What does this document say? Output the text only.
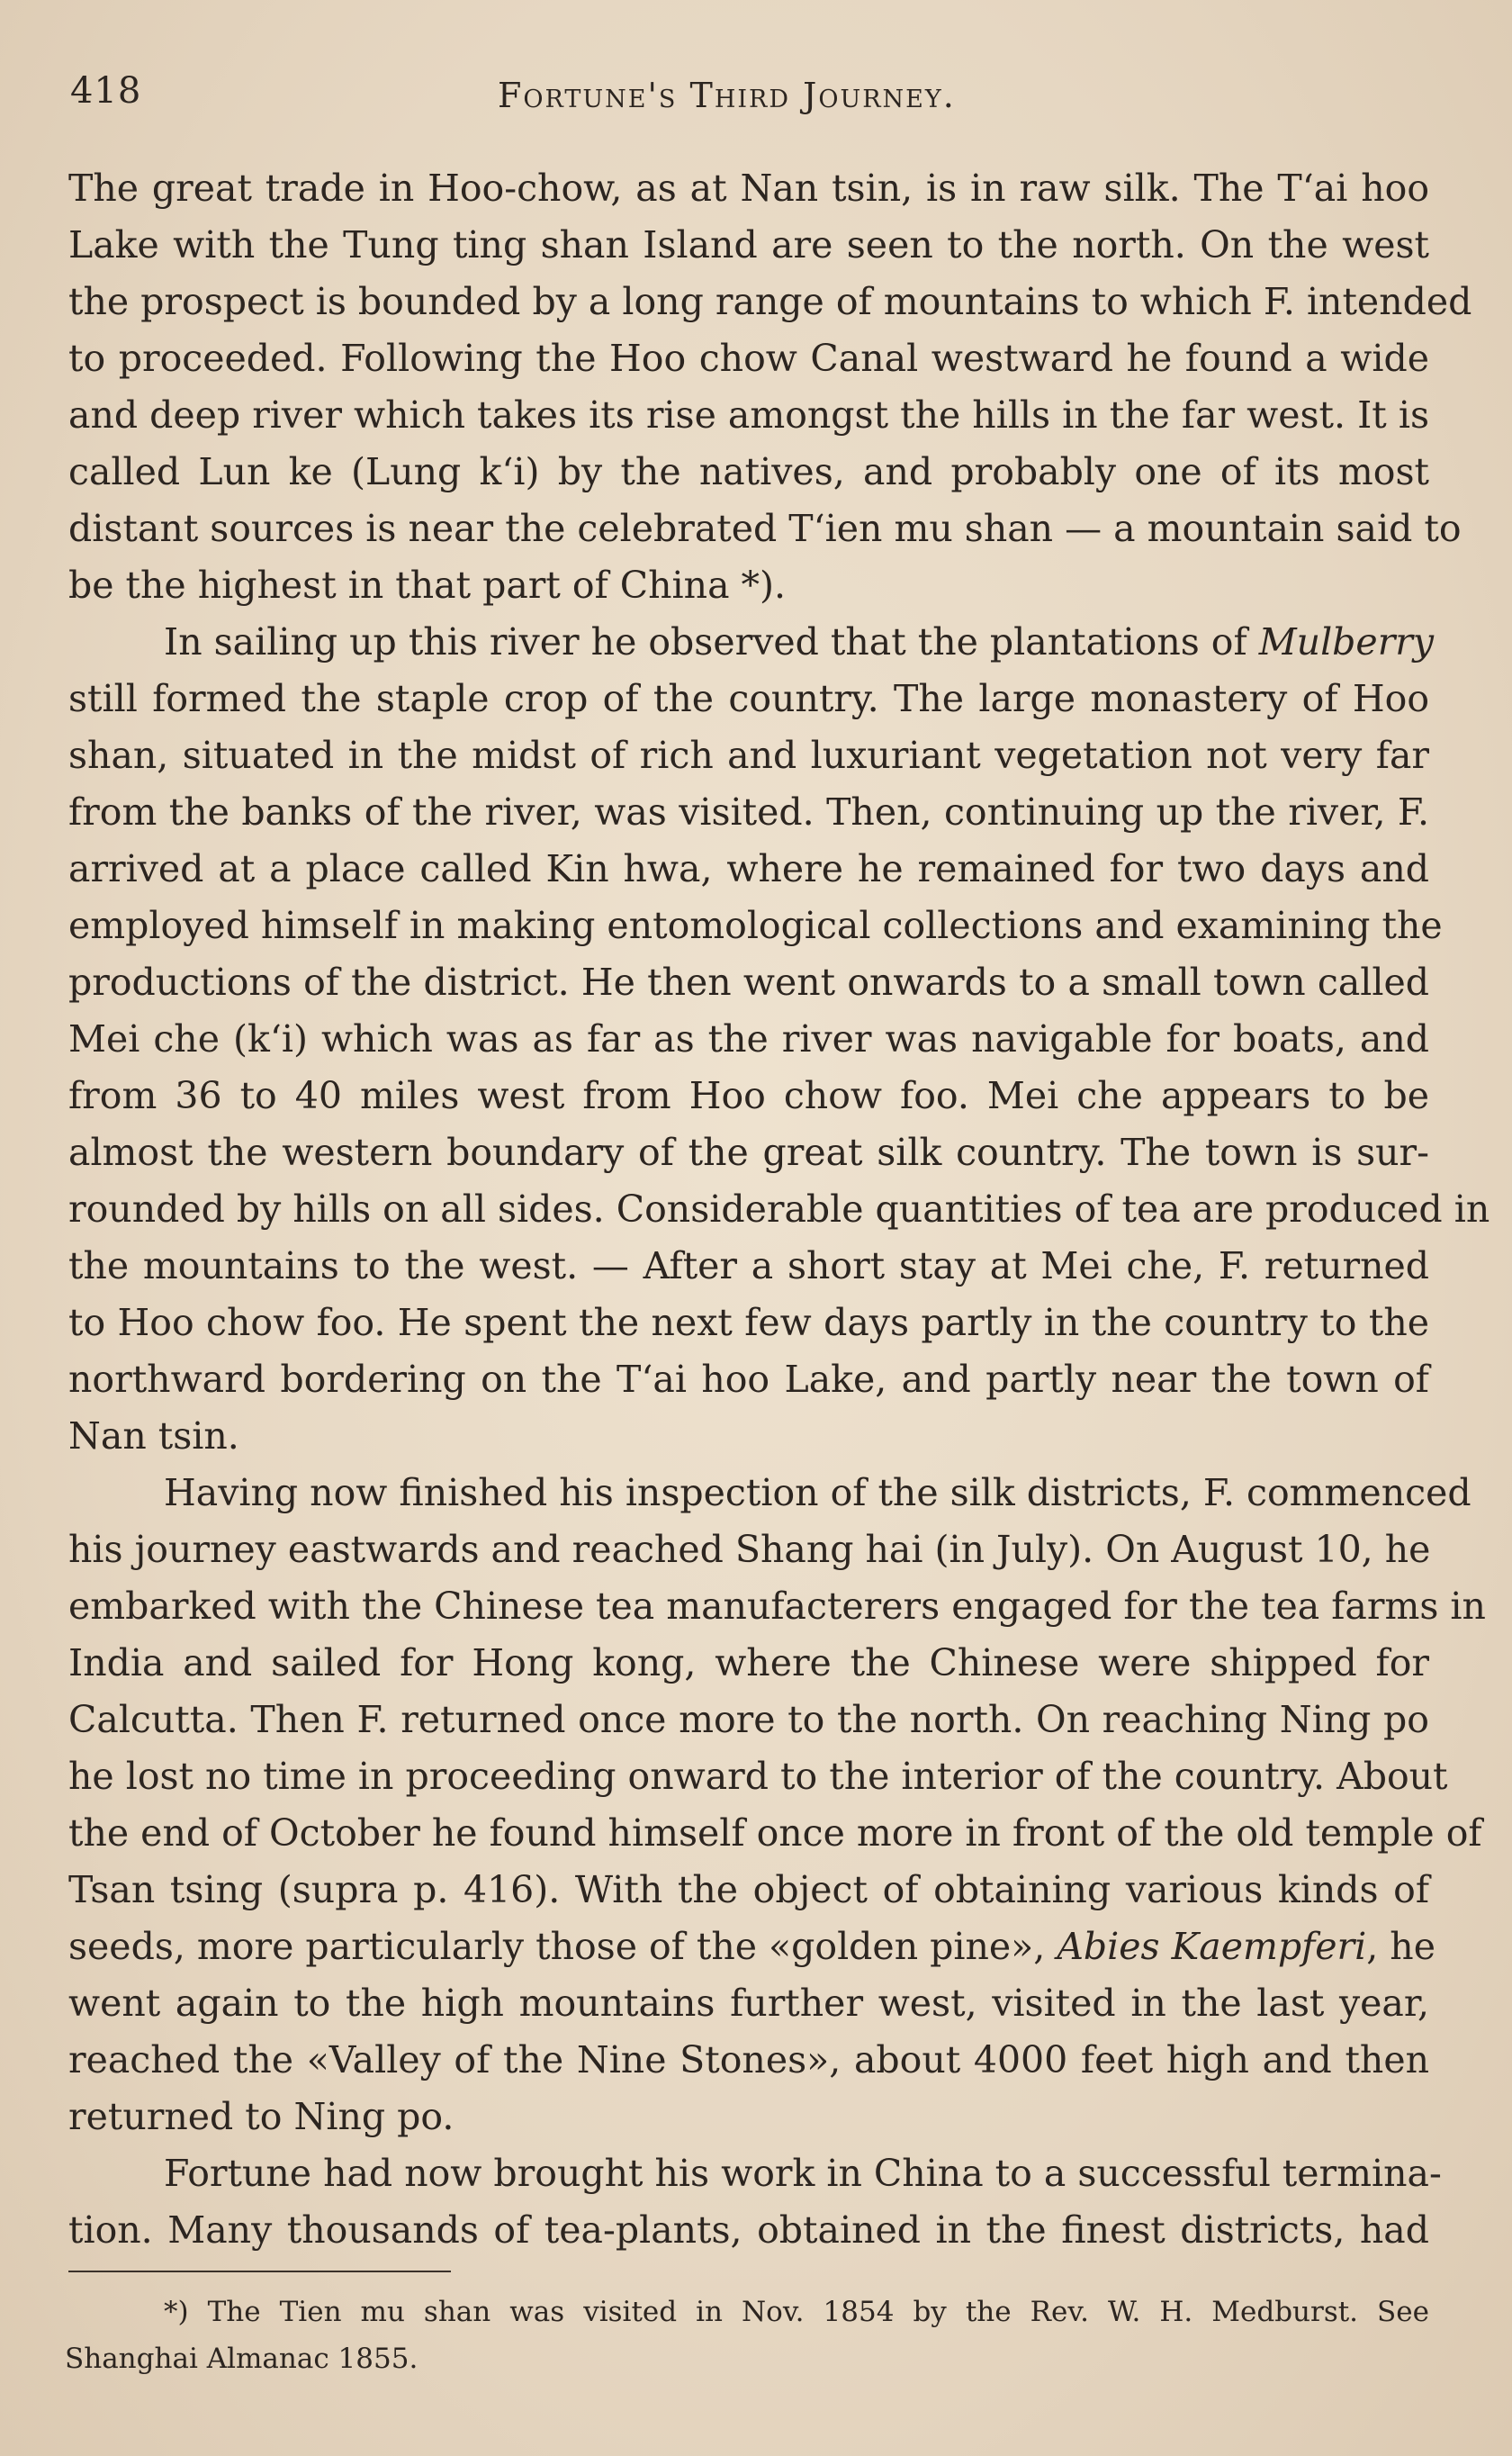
418	Fortune's Third Journey.
The great trade in Hoo-chow, as at Nan tsin, is in raw silk. The Tʻai hoo
Lake with the Tung ting shan Island are seen to the north. On the west
the prospect is bounded by a long range of mountains to which F. intended
to proceeded. Following the Hoo chow Canal westward he found a wide
and deep river which takes its rise amongst the hills in the far west. It is
called Lun ke (Lung kʻi) by the natives, and probably one of its most
distant sources is near the celebrated Tʻien mu shan — a mountain said to
be the highest in that part of China *).
In sailing up this river he observed that the plantations of Mulberry
still formed the staple crop of the country. The large monastery of Hoo
shan, situated in the midst of rich and luxuriant vegetation not very far
from the banks of the river, was visited. Then, continuing up the river, F.
arrived at a place called Kin hwa, where he remained for two days and
employed himself in making entomological collections and examining the
productions of the district. He then went onwards to a small town called
Mei che (kʻi) which was as far as the river was navigable for boats, and
from 36 to 40 miles west from Hoo chow foo. Mei che appears to be
almost the western boundary of the great silk country. The town is sur-
rounded by hills on all sides. Considerable quantities of tea are produced in
the mountains to the west. — After a short stay at Mei che, F. returned
to Hoo chow foo. He spent the next few days partly in the country to the
northward bordering on the Tʻai hoo Lake, and partly near the town of
Nan tsin.
Having now finished his inspection of the silk districts, F. commenced
his journey eastwards and reached Shang hai (in July). On August 10, he
embarked with the Chinese tea manufacterers engaged for the tea farms in
India and sailed for Hong kong, where the Chinese were shipped for
Calcutta. Then F. returned once more to the north. On reaching Ning po
he lost no time in proceeding onward to the interior of the country. About
the end of October he found himself once more in front of the old temple of
Tsan tsing (supra p. 416). With the object of obtaining various kinds of
seeds, more particularly those of the «golden pine», Abies Kaempferi, he
went again to the high mountains further west, visited in the last year,
reached the «Valley of the Nine Stones», about 4000 feet high and then
returned to Ning po.
Fortune had now brought his work in China to a successful termina-
tion. Many thousands of tea-plants, obtained in the finest districts, had
*) The Tien mu shan was visited in Nov. 1854 by the Rev. W. H. Medburst. See
Shanghai Almanac 1855.
